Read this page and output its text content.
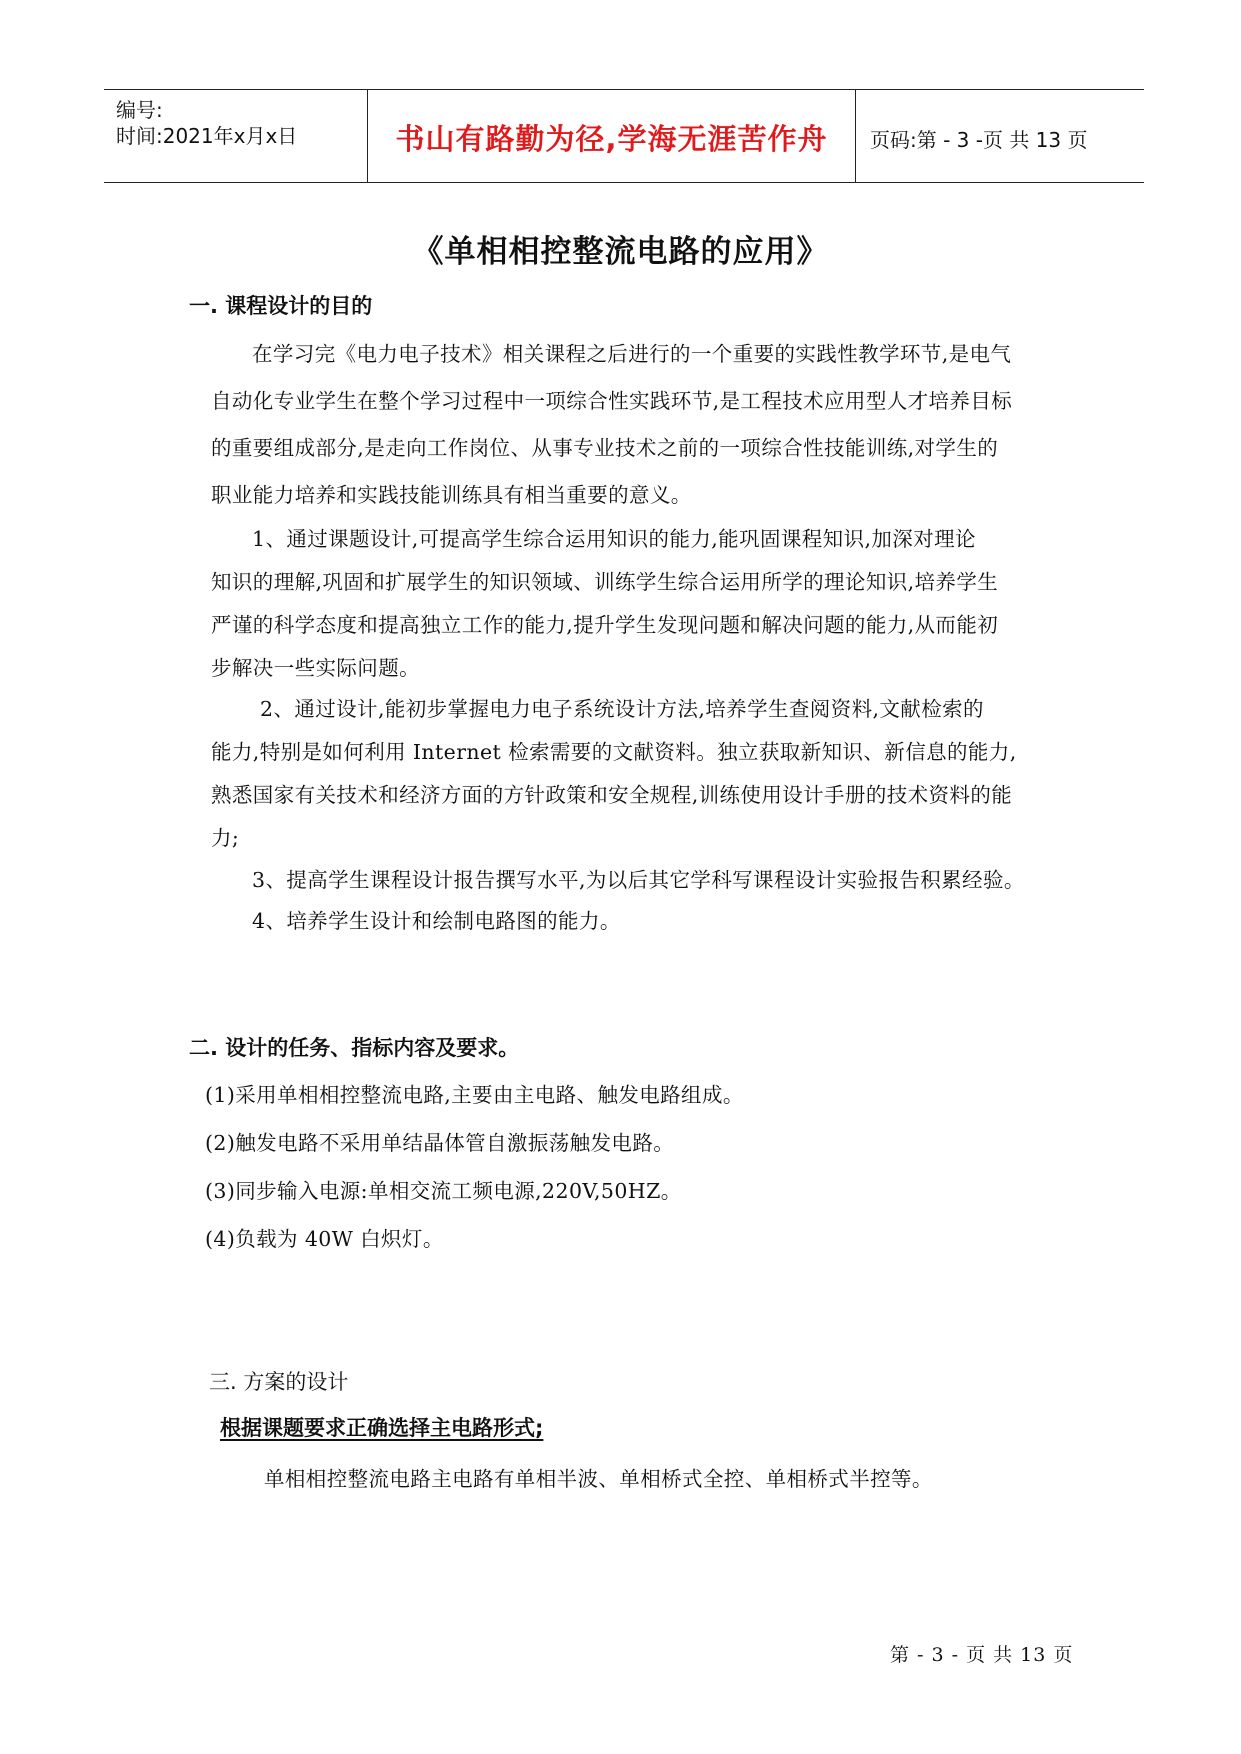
编号:
时间:2021年x月x日	书山有路勤为径,学海无涯苦作舟	页码:第 - 3 -页 共 13 页
《单相相控整流电路的应用》
一. 课程设计的目的
在学习完《电力电子技术》相关课程之后进行的一个重要的实践性教学环节,是电气
自动化专业学生在整个学习过程中一项综合性实践环节,是工程技术应用型人才培养目标
的重要组成部分,是走向工作岗位、从事专业技术之前的一项综合性技能训练,对学生的
职业能力培养和实践技能训练具有相当重要的意义。
1、通过课题设计,可提高学生综合运用知识的能力,能巩固课程知识,加深对理论
知识的理解,巩固和扩展学生的知识领域、训练学生综合运用所学的理论知识,培养学生
严谨的科学态度和提高独立工作的能力,提升学生发现问题和解决问题的能力,从而能初
步解决一些实际问题。
2、通过设计,能初步掌握电力电子系统设计方法,培养学生查阅资料,文献检索的
能力,特别是如何利用 Internet 检索需要的文献资料。独立获取新知识、新信息的能力,
熟悉国家有关技术和经济方面的方针政策和安全规程,训练使用设计手册的技术资料的能
力;
3、提高学生课程设计报告撰写水平,为以后其它学科写课程设计实验报告积累经验。
4、培养学生设计和绘制电路图的能力。
二. 设计的任务、指标内容及要求。
(1)采用单相相控整流电路,主要由主电路、触发电路组成。
(2)触发电路不采用单结晶体管自激振荡触发电路。
(3)同步输入电源:单相交流工频电源,220V,50HZ。
(4)负载为 40W 白炽灯。
三. 方案的设计
根据课题要求正确选择主电路形式;
单相相控整流电路主电路有单相半波、单相桥式全控、单相桥式半控等。
第 - 3 - 页 共 13 页
